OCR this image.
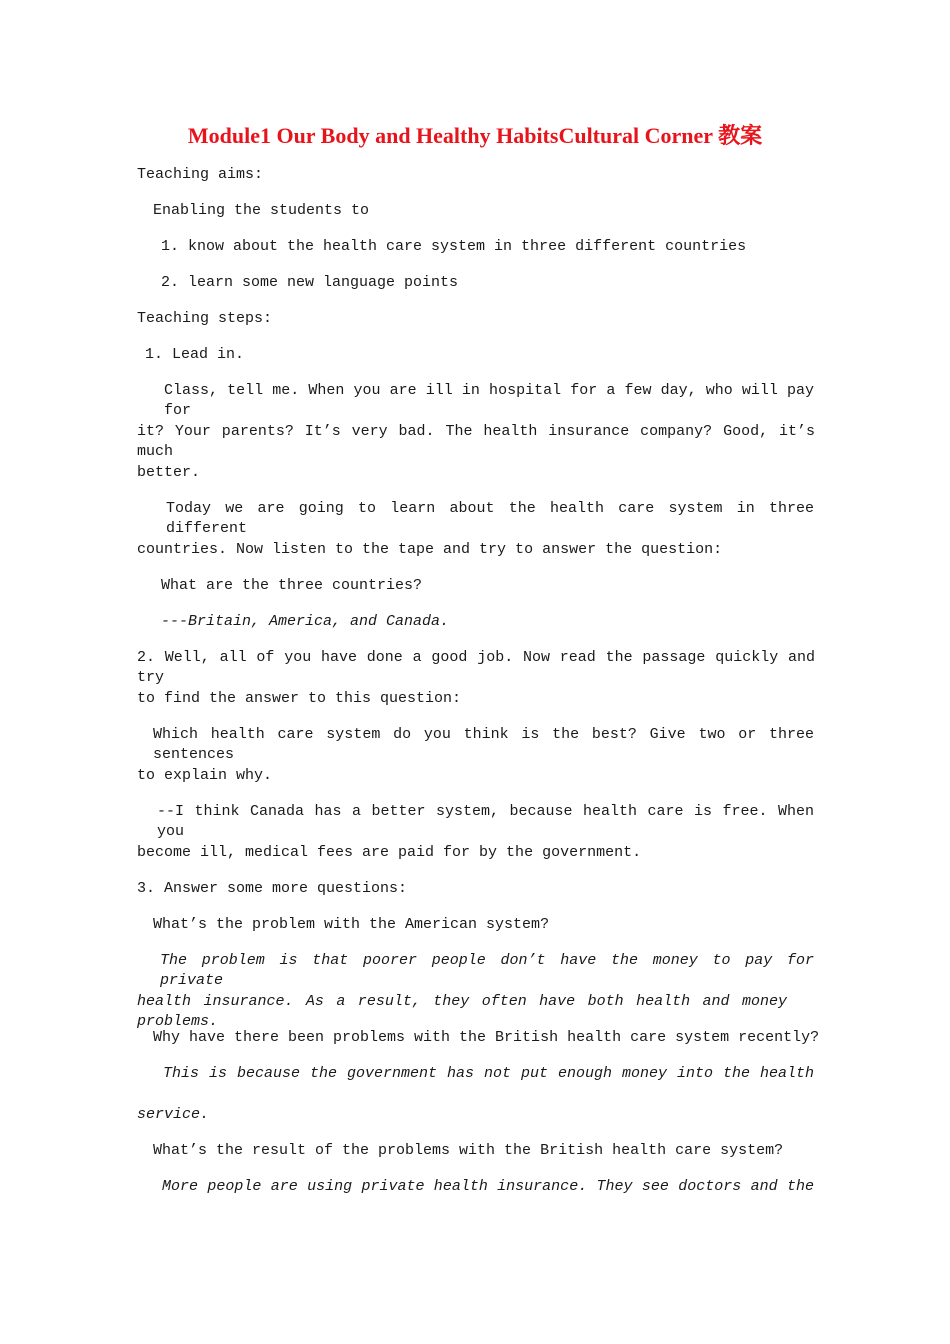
Module1 Our Body and Healthy HabitsCultural Corner 教案
Teaching aims:
Enabling the students to
1. know about the health care system in three different countries
2. learn some new language points
Teaching steps:
1. Lead in.
Class, tell me. When you are ill in hospital for a few day, who will pay for
it? Your parents? It’s very bad. The health insurance company? Good, it’s much
better.
Today we are going to learn about the health care system in three different
countries. Now listen to the tape and try to answer the question:
What are the three countries?
---Britain, America, and Canada.
2. Well, all of you have done a good job. Now read the passage quickly and try
to find the answer to this question:
Which health care system do you think is the best? Give two or three sentences
to explain why.
--I think Canada has a better system, because health care is free. When you
become ill, medical fees are paid for by the government.
3. Answer some more questions:
What’s the problem with the American system?
The problem is that poorer people don’t have the money to pay for private
health insurance. As a result, they often have both health and money problems.
Why have there been problems with the British health care system recently?
This is because the government has not put enough money into the health
service.
What’s the result of the problems with the British health care system?
More people are using private health insurance. They see doctors and the
